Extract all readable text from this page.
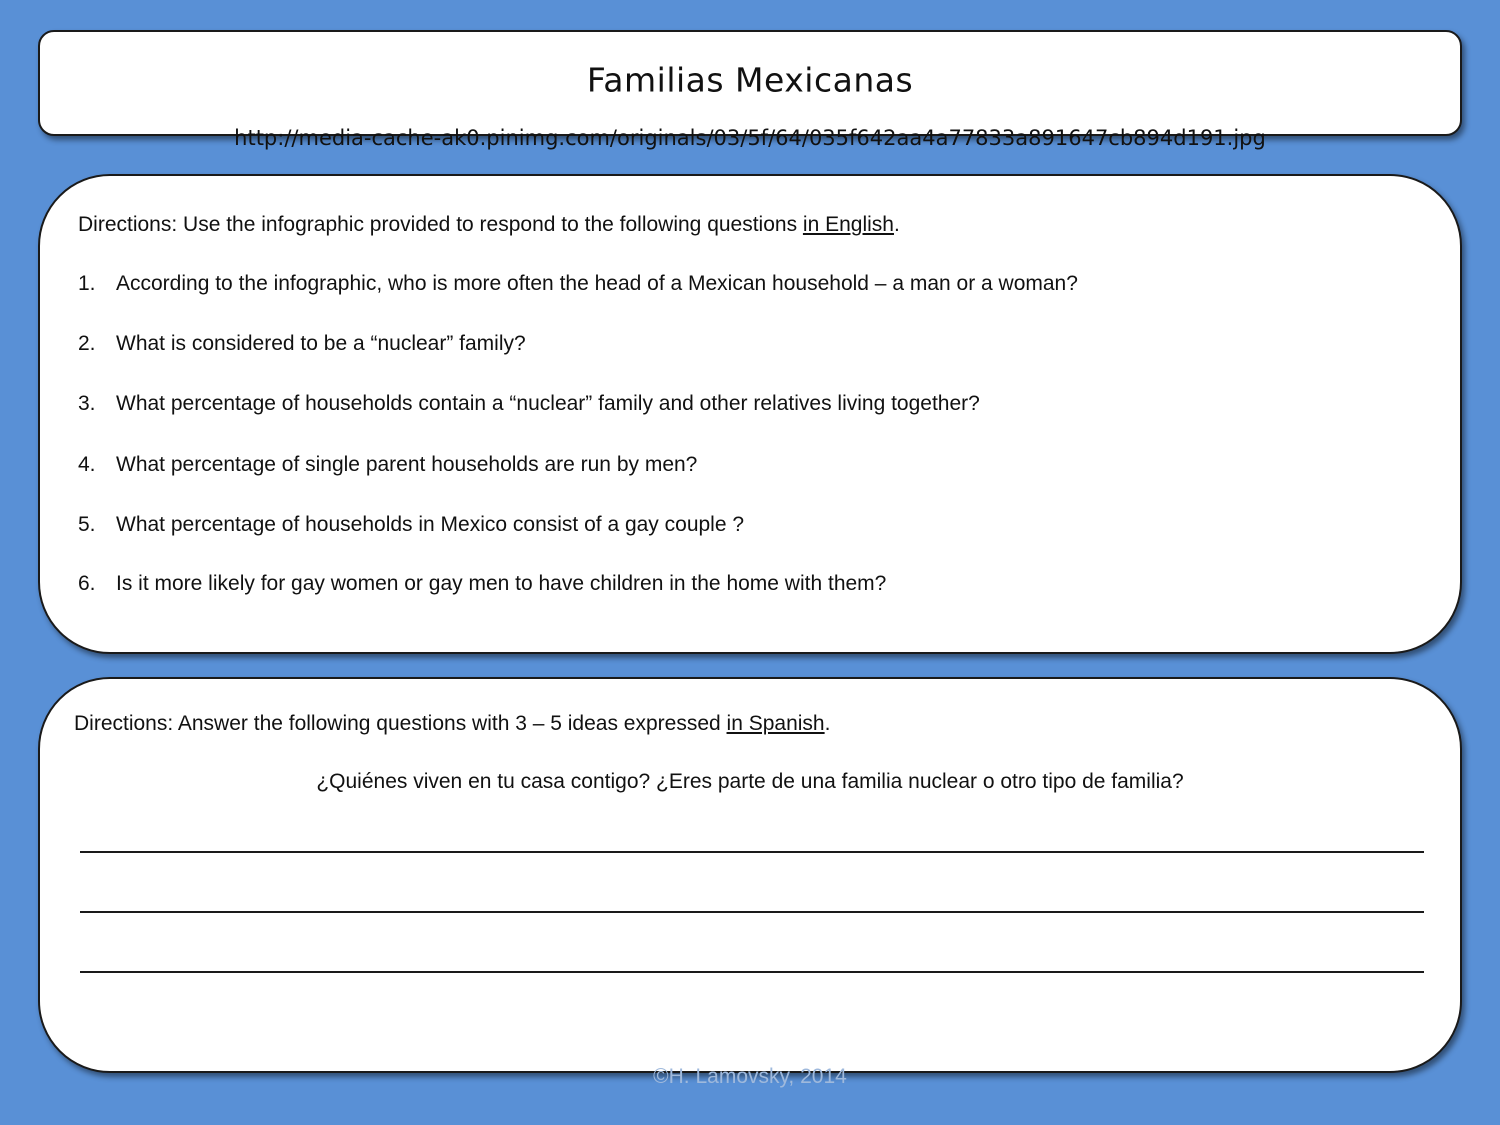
Familias Mexicanas
http://media-cache-ak0.pinimg.com/originals/03/5f/64/035f642aa4a77833a891647cb894d191.jpg
Directions: Use the infographic provided to respond to the following questions in English.
1. According to the infographic, who is more often the head of a Mexican household – a man or a woman?
2. What is considered to be a “nuclear” family?
3. What percentage of households contain a “nuclear” family and other relatives living together?
4. What percentage of single parent households are run by men?
5. What percentage of households in Mexico consist of a gay couple ?
6. Is it more likely for gay women or gay men to have children in the home with them?
Directions: Answer the following questions with 3 – 5 ideas expressed in Spanish.
¿Quiénes viven en tu casa contigo? ¿Eres parte de una familia nuclear o otro tipo de familia?
©H. Lamovsky, 2014
